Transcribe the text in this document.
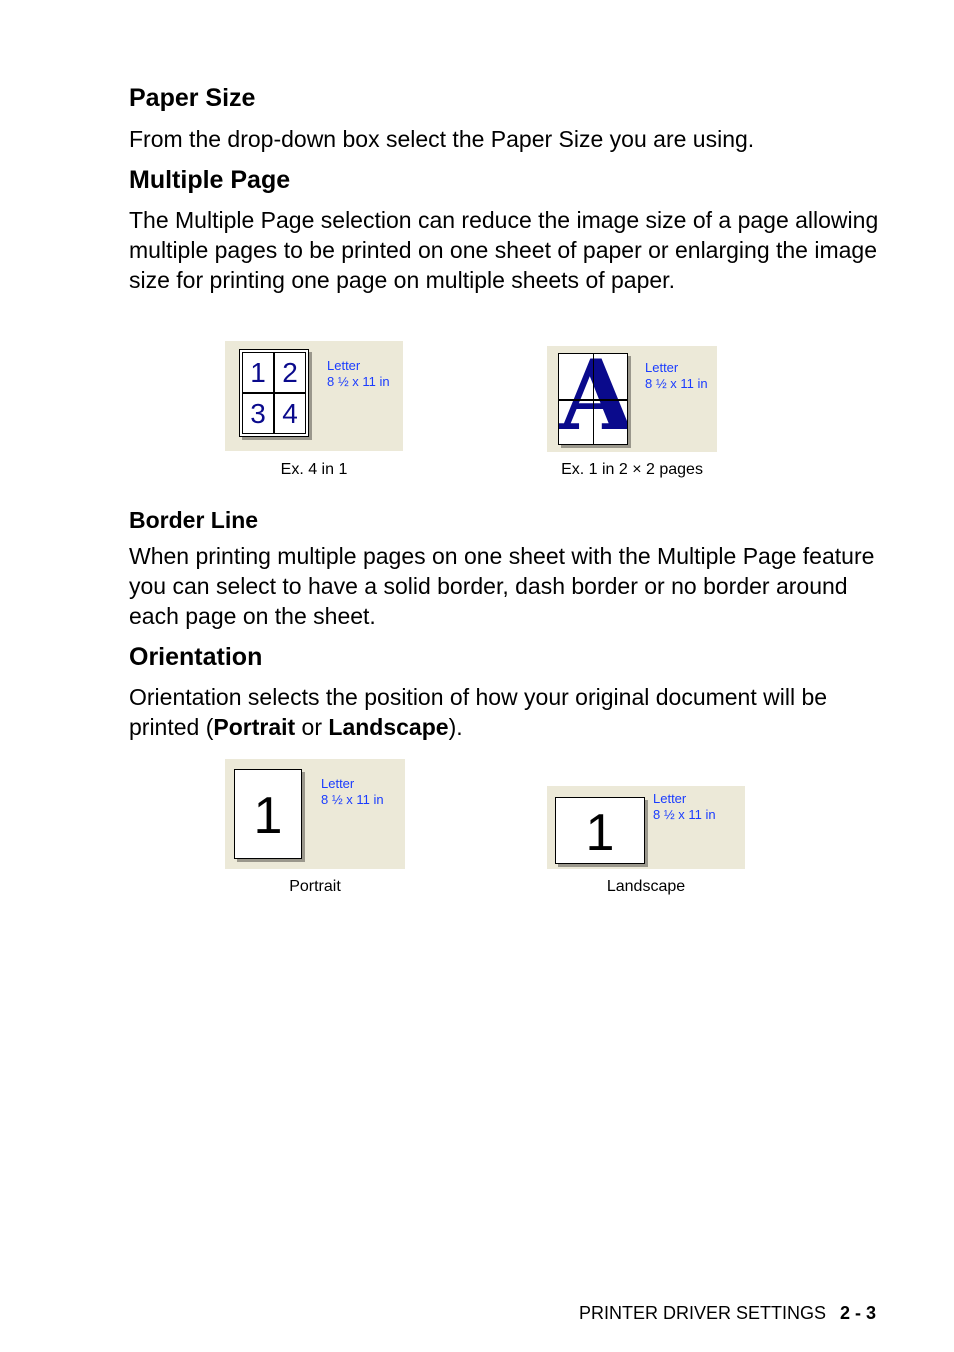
Paper Size
From the drop-down box select the Paper Size you are using.
Multiple Page
The Multiple Page selection can reduce the image size of a page allowing multiple pages to be printed on one sheet of paper or enlarging the image size for printing one page on multiple sheets of paper.
1 2
3 4
Letter
8 ½ x 11 in
Ex. 4 in 1
Letter
8 ½ x 11 in
Ex. 1 in 2 × 2 pages
Border Line
When printing multiple pages on one sheet with the Multiple Page feature you can select to have a solid border, dash border or no border around each page on the sheet.
Orientation
Orientation selects the position of how your original document will be printed (Portrait or Landscape).
1
Letter
8 ½ x 11 in
Portrait
1
Letter
8 ½ x 11 in
Landscape
PRINTER DRIVER SETTINGS 2 - 3
